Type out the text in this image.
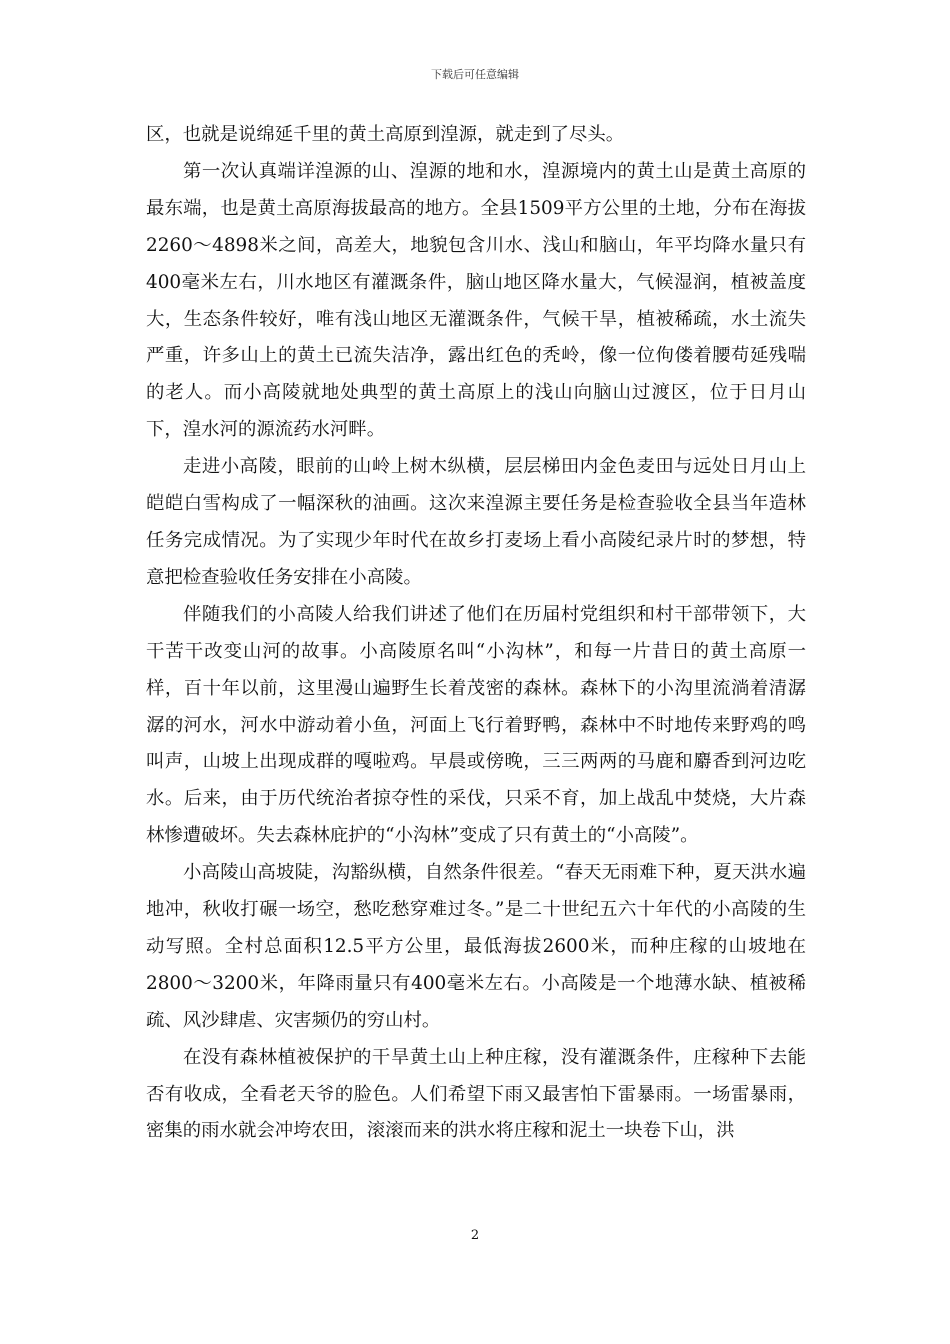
下载后可任意编辑

区，也就是说绵延千里的黄土高原到湟源，就走到了尽头。

第一次认真端详湟源的山、湟源的地和水，湟源境内的黄土山是黄土高原的最东端，也是黄土高原海拔最高的地方。全县1509平方公里的土地，分布在海拔2260～4898米之间，高差大，地貌包含川水、浅山和脑山，年平均降水量只有400毫米左右，川水地区有灌溉条件，脑山地区降水量大，气候湿润，植被盖度大，生态条件较好，唯有浅山地区无灌溉条件，气候干旱，植被稀疏，水土流失严重，许多山上的黄土已流失洁净，露出红色的秃岭，像一位佝偻着腰苟延残喘的老人。而小高陵就地处典型的黄土高原上的浅山向脑山过渡区，位于日月山下，湟水河的源流药水河畔。

走进小高陵，眼前的山岭上树木纵横，层层梯田内金色麦田与远处日月山上皑皑白雪构成了一幅深秋的油画。这次来湟源主要任务是检查验收全县当年造林任务完成情况。为了实现少年时代在故乡打麦场上看小高陵纪录片时的梦想，特意把检查验收任务安排在小高陵。

伴随我们的小高陵人给我们讲述了他们在历届村党组织和村干部带领下，大干苦干改变山河的故事。小高陵原名叫“小沟林”，和每一片昔日的黄土高原一样，百十年以前，这里漫山遍野生长着茂密的森林。森林下的小沟里流淌着清潺潺的河水，河水中游动着小鱼，河面上飞行着野鸭，森林中不时地传来野鸡的鸣叫声，山坡上出现成群的嘎啦鸡。早晨或傍晚，三三两两的马鹿和麝香到河边吃水。后来，由于历代统治者掠夺性的采伐，只采不育，加上战乱中焚烧，大片森林惨遭破坏。失去森林庇护的“小沟林”变成了只有黄土的“小高陵”。

小高陵山高坡陡，沟豁纵横，自然条件很差。“春天无雨难下种，夏天洪水遍地冲，秋收打碾一场空，愁吃愁穿难过冬。”是二十世纪五六十年代的小高陵的生动写照。全村总面积12.5平方公里，最低海拔2600米，而种庄稼的山坡地在2800～3200米，年降雨量只有400毫米左右。小高陵是一个地薄水缺、植被稀疏、风沙肆虐、灾害频仍的穷山村。

在没有森林植被保护的干旱黄土山上种庄稼，没有灌溉条件，庄稼种下去能否有收成，全看老天爷的脸色。人们希望下雨又最害怕下雷暴雨。一场雷暴雨，密集的雨水就会冲垮农田，滚滚而来的洪水将庄稼和泥土一块卷下山，洪

2
